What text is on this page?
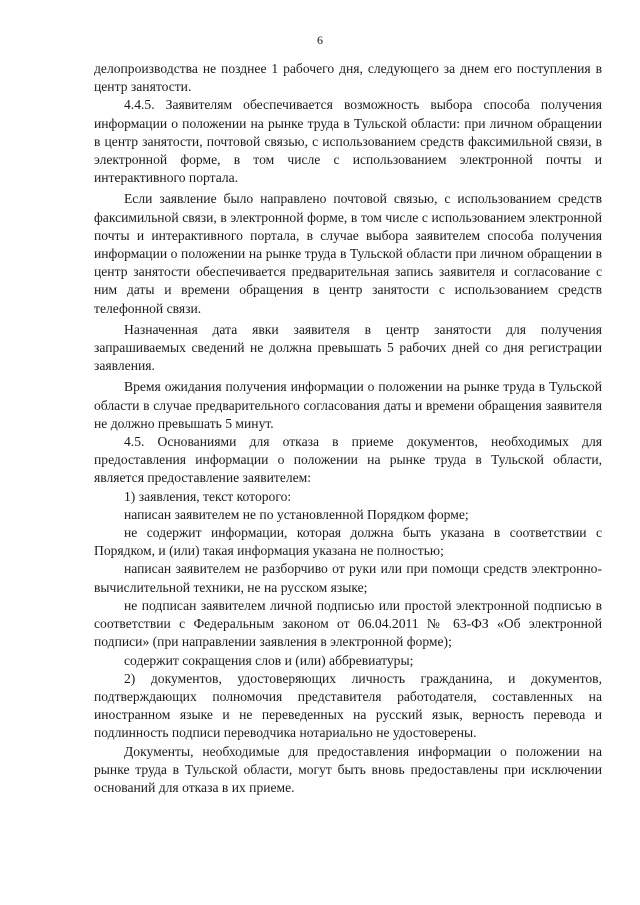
6

делопроизводства не позднее 1 рабочего дня, следующего за днем его поступления в центр занятости.

4.4.5. Заявителям обеспечивается возможность выбора способа получения информации о положении на рынке труда в Тульской области: при личном обращении в центр занятости, почтовой связью, с использованием средств факсимильной связи, в электронной форме, в том числе с использованием электронной почты и интерактивного портала.

Если заявление было направлено почтовой связью, с использованием средств факсимильной связи, в электронной форме, в том числе с использованием электронной почты и интерактивного портала, в случае выбора заявителем способа получения информации о положении на рынке труда в Тульской области при личном обращении в центр занятости обеспечивается предварительная запись заявителя и согласование с ним даты и времени обращения в центр занятости с использованием средств телефонной связи.

Назначенная дата явки заявителя в центр занятости для получения запрашиваемых сведений не должна превышать 5 рабочих дней со дня регистрации заявления.

Время ожидания получения информации о положении на рынке труда в Тульской области в случае предварительного согласования даты и времени обращения заявителя не должно превышать 5 минут.

4.5. Основаниями для отказа в приеме документов, необходимых для предоставления информации о положении на рынке труда в Тульской области, является предоставление заявителем:

1) заявления, текст которого:

написан заявителем не по установленной Порядком форме;

не содержит информации, которая должна быть указана в соответствии с Порядком, и (или) такая информация указана не полностью;

написан заявителем не разборчиво от руки или при помощи средств электронно-вычислительной техники, не на русском языке;

не подписан заявителем личной подписью или простой электронной подписью в соответствии с Федеральным законом от 06.04.2011 № 63-ФЗ «Об электронной подписи» (при направлении заявления в электронной форме);

содержит сокращения слов и (или) аббревиатуры;

2) документов, удостоверяющих личность гражданина, и документов, подтверждающих полномочия представителя работодателя, составленных на иностранном языке и не переведенных на русский язык, верность перевода и подлинность подписи переводчика нотариально не удостоверены.

Документы, необходимые для предоставления информации о положении на рынке труда в Тульской области, могут быть вновь предоставлены при исключении оснований для отказа в их приеме.
